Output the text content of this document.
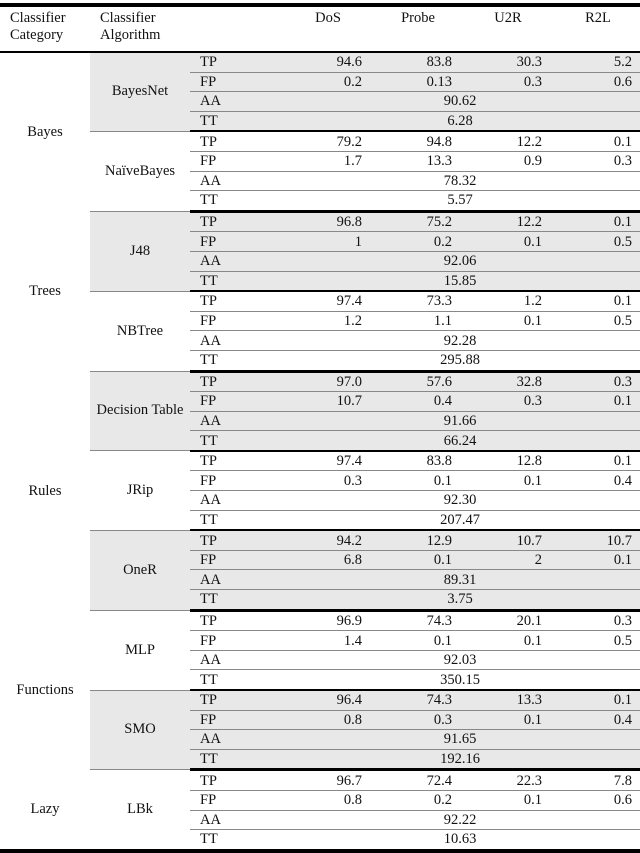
Classifier Category	Classifier Algorithm		DoS	Probe	U2R	R2L
Bayes	BayesNet	TP	94.6	83.8	30.3	5.2
		FP	0.2	0.13	0.3	0.6
		AA	90.62			
		TT	6.28			
	NaïveBayes	TP	79.2	94.8	12.2	0.1
		FP	1.7	13.3	0.9	0.3
		AA	78.32			
		TT	5.57			
Trees	J48	TP	96.8	75.2	12.2	0.1
		FP	1	0.2	0.1	0.5
		AA	92.06			
		TT	15.85			
	NBTree	TP	97.4	73.3	1.2	0.1
		FP	1.2	1.1	0.1	0.5
		AA	92.28			
		TT	295.88			
Rules	Decision Table	TP	97.0	57.6	32.8	0.3
		FP	10.7	0.4	0.3	0.1
		AA	91.66			
		TT	66.24			
	JRip	TP	97.4	83.8	12.8	0.1
		FP	0.3	0.1	0.1	0.4
		AA	92.30			
		TT	207.47			
	OneR	TP	94.2	12.9	10.7	10.7
		FP	6.8	0.1	2	0.1
		AA	89.31			
		TT	3.75			
Functions	MLP	TP	96.9	74.3	20.1	0.3
		FP	1.4	0.1	0.1	0.5
		AA	92.03			
		TT	350.15			
	SMO	TP	96.4	74.3	13.3	0.1
		FP	0.8	0.3	0.1	0.4
		AA	91.65			
		TT	192.16			
Lazy	LBk	TP	96.7	72.4	22.3	7.8
		FP	0.8	0.2	0.1	0.6
		AA	92.22			
		TT	10.63			
